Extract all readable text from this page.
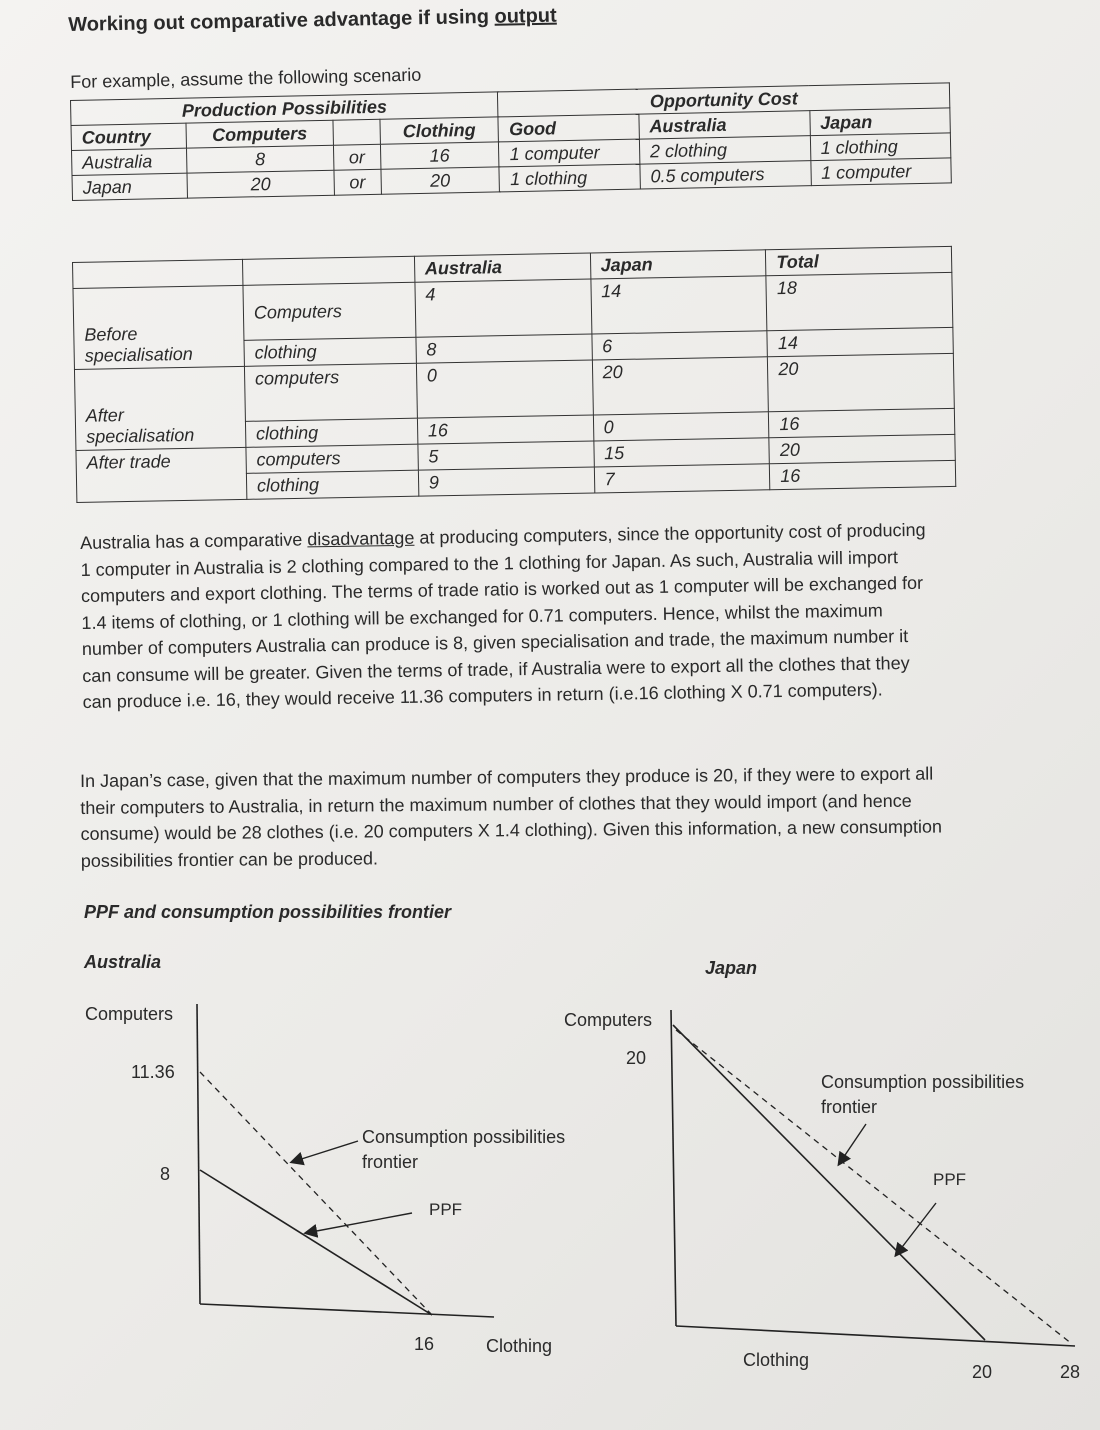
Working out comparative advantage if using output
For example, assume the following scenario
Production Possibilities				Opportunity Cost		
Country	Computers		Clothing	Good	Australia	Japan
Australia	8	or	16	1 computer	2 clothing	1 clothing
Japan	20	or	20	1 clothing	0.5 computers	1 computer
		Australia	Japan	Total
Before specialisation	Computers	4	14	18
	clothing	8	6	14
After specialisation	computers	0	20	20
	clothing	16	0	16
After trade	computers	5	15	20
	clothing	9	7	16
Australia has a comparative disadvantage at producing computers, since the opportunity cost of producing 1 computer in Australia is 2 clothing compared to the 1 clothing for Japan. As such, Australia will import computers and export clothing. The terms of trade ratio is worked out as 1 computer will be exchanged for 1.4 items of clothing, or 1 clothing will be exchanged for 0.71 computers. Hence, whilst the maximum number of computers Australia can produce is 8, given specialisation and trade, the maximum number it can consume will be greater. Given the terms of trade, if Australia were to export all the clothes that they can produce i.e. 16, they would receive 11.36 computers in return (i.e.16 clothing X 0.71 computers).
In Japan’s case, given that the maximum number of computers they produce is 20, if they were to export all their computers to Australia, in return the maximum number of clothes that they would import (and hence consume) would be 28 clothes (i.e. 20 computers X 1.4 clothing). Given this information, a new consumption possibilities frontier can be produced.
PPF and consumption possibilities frontier
Australia
Computers
11.36
8
16	Clothing
Consumption possibilities frontier
PPF
Japan
Computers
20
Clothing
20	28
Consumption possibilities frontier
PPF
